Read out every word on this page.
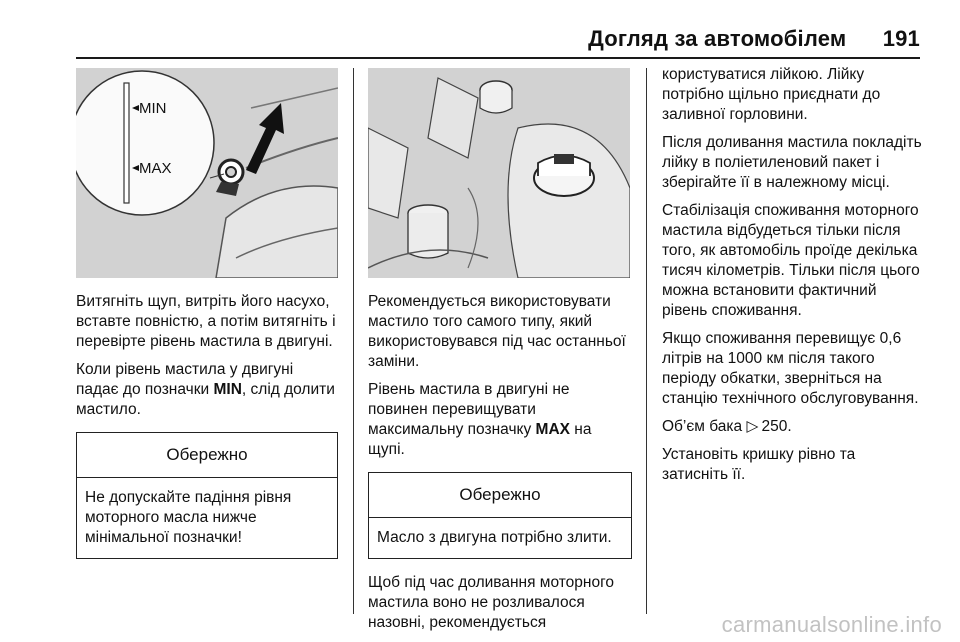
Догляд за автомобілем 191
MIN
MAX

Витягніть щуп, витріть його насухо, вставте повністю, а потім витягніть і перевірте рівень мастила в двигуні.

Коли рівень мастила у двигуні падає до позначки MIN, слід долити мастило.

Обережно
Не допускайте падіння рівня моторного масла нижче мінімальної позначки!

Рекомендується використовувати мастило того самого типу, який використовувався під час останньої заміни.

Рівень мастила в двигуні не повинен перевищувати максимальну позначку MAX на щупі.

Обережно
Масло з двигуна потрібно злити.

Щоб під час доливання моторного мастила воно не розливалося назовні, рекомендується

користуватися лійкою. Лійку потрібно щільно приєднати до заливної горловини.

Після доливання мастила покладіть лійку в поліетиленовий пакет і зберігайте її в належному місці.

Стабілізація споживання моторного мастила відбудеться тільки після того, як автомобіль проїде декілька тисяч кілометрів. Тільки після цього можна встановити фактичний рівень споживання.

Якщо споживання перевищує 0,6 літрів на 1000 км після такого періоду обкатки, зверніться на станцію технічного обслуговування.

Об’єм бака ▷ 250.

Установіть кришку рівно та затисніть її.

carmanualsonline.info
